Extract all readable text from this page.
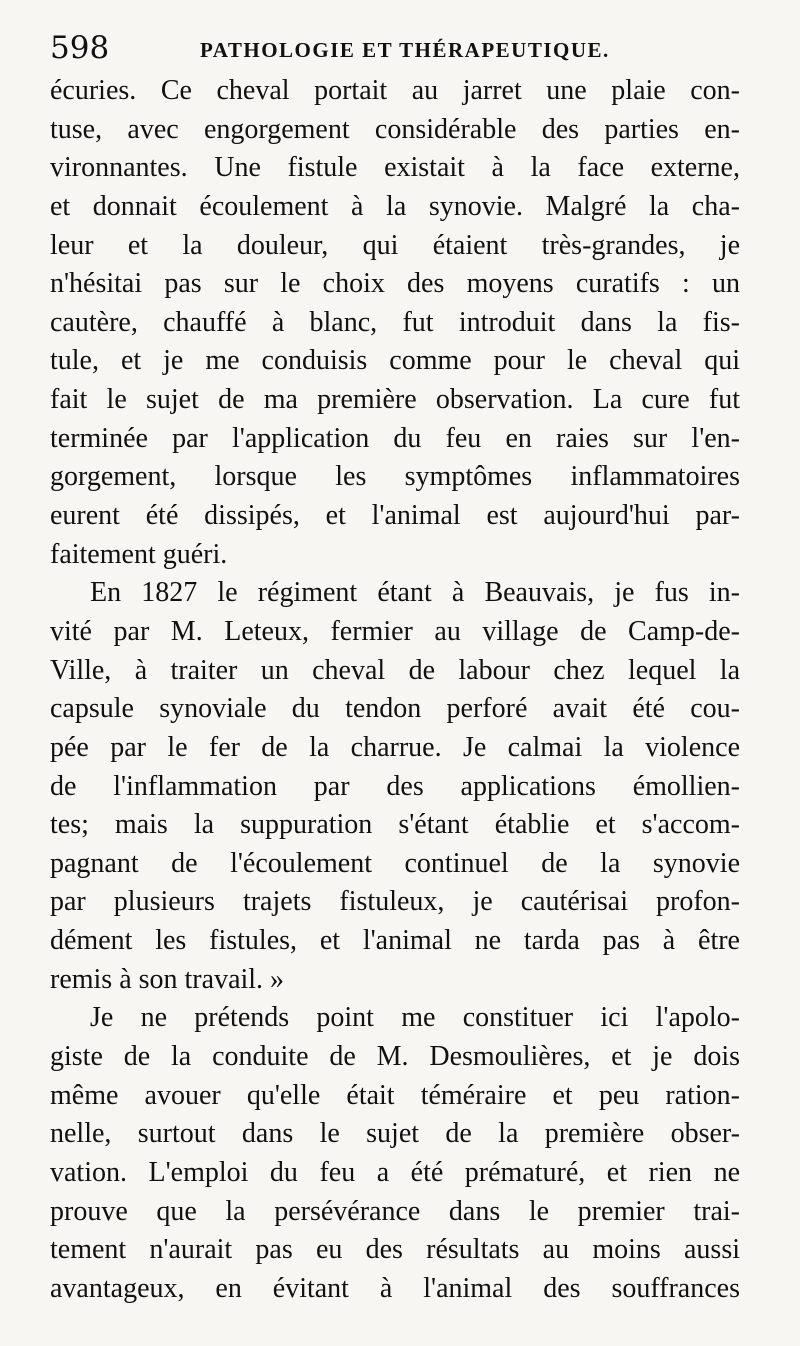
598	PATHOLOGIE ET THÉRAPEUTIQUE.
écuries. Ce cheval portait au jarret une plaie con-
tuse, avec engorgement considérable des parties en-
vironnantes. Une fistule existait à la face externe,
et donnait écoulement à la synovie. Malgré la cha-
leur et la douleur, qui étaient très-grandes, je
n'hésitai pas sur le choix des moyens curatifs : un
cautère, chauffé à blanc, fut introduit dans la fis-
tule, et je me conduisis comme pour le cheval qui
fait le sujet de ma première observation. La cure fut
terminée par l'application du feu en raies sur l'en-
gorgement, lorsque les symptômes inflammatoires
eurent été dissipés, et l'animal est aujourd'hui par-
faitement guéri.
En 1827 le régiment étant à Beauvais, je fus in-
vité par M. Leteux, fermier au village de Camp-de-
Ville, à traiter un cheval de labour chez lequel la
capsule synoviale du tendon perforé avait été cou-
pée par le fer de la charrue. Je calmai la violence
de l'inflammation par des applications émollien-
tes; mais la suppuration s'étant établie et s'accom-
pagnant de l'écoulement continuel de la synovie
par plusieurs trajets fistuleux, je cautérisai profon-
dément les fistules, et l'animal ne tarda pas à être
remis à son travail. »
Je ne prétends point me constituer ici l'apolo-
giste de la conduite de M. Desmoulières, et je dois
même avouer qu'elle était téméraire et peu ration-
nelle, surtout dans le sujet de la première obser-
vation. L'emploi du feu a été prématuré, et rien ne
prouve que la persévérance dans le premier trai-
tement n'aurait pas eu des résultats au moins aussi
avantageux, en évitant à l'animal des souffrances
